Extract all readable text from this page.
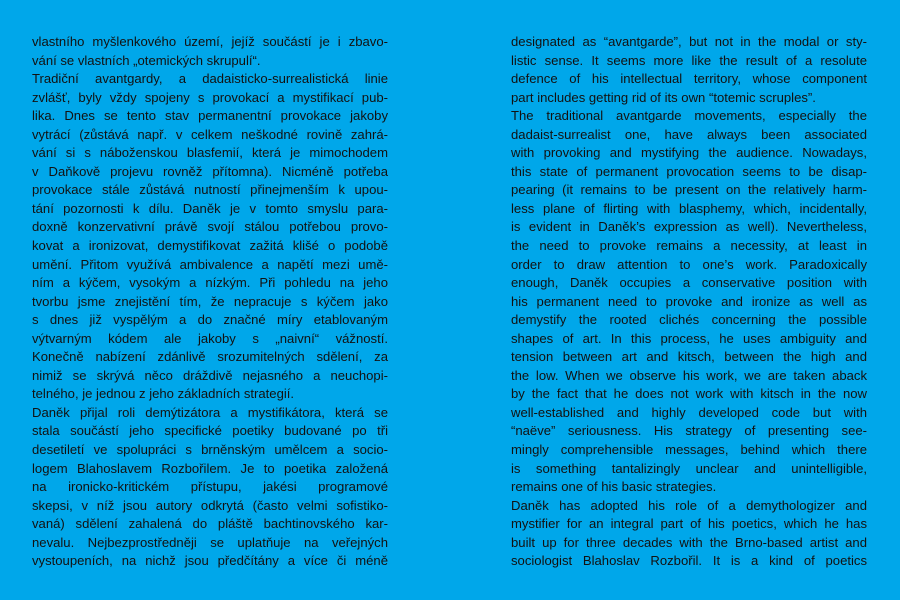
vlastního myšlenkového území, jejíž součástí je i zbavo-
vání se vlastních „otemických skrupulí“.
Tradiční avantgardy, a dadaisticko-surrealistická linie
zvlášť, byly vždy spojeny s provokací a mystifikací pub-
lika. Dnes se tento stav permanentní provokace jakoby
vytrácí (zůstává např. v celkem neškodné rovině zahrá-
vání si s náboženskou blasfemií, která je mimochodem
v Daňkově projevu rovněž přítomna). Nicméně potřeba
provokace stále zůstává nutností přinejmenším k upou-
tání pozornosti k dílu. Daněk je v tomto smyslu para-
doxně konzervativní právě svojí stálou potřebou provo-
kovat a ironizovat, demystifikovat zažitá klišé o podobě
umění. Přitom využívá ambivalence a napětí mezi umě-
ním a kýčem, vysokým a nízkým. Při pohledu na jeho
tvorbu jsme znejistění tím, že nepracuje s kýčem jako
s dnes již vyspělým a do značné míry etablovaným
výtvarným kódem ale jakoby s „naivní“ vážností.
Konečně nabízení zdánlivě srozumitelných sdělení, za
nimiž se skrývá něco dráždivě nejasného a neuchopi-
telného, je jednou z jeho základních strategií.
Daněk přijal roli demýtizátora a mystifikátora, která se
stala součástí jeho specifické poetiky budované po tři
desetiletí ve spolupráci s brněnským umělcem a socio-
logem Blahoslavem Rozbořilem. Je to poetika založená
na ironicko-kritickém přístupu, jakési programové
skepsi, v níž jsou autory odkrytá (často velmi sofistiko-
vaná) sdělení zahalená do pláště bachtinovského kar-
nevalu. Nejbezprostředněji se uplatňuje na veřejných
vystoupeních, na nichž jsou předčítány a více či méně
designated as “avantgarde”, but not in the modal or sty-
listic sense. It seems more like the result of a resolute
defence of his intellectual territory, whose component
part includes getting rid of its own “totemic scruples”.
The traditional avantgarde movements, especially the
dadaist-surrealist one, have always been associated
with provoking and mystifying the audience. Nowadays,
this state of permanent provocation seems to be disap-
pearing (it remains to be present on the relatively harm-
less plane of flirting with blasphemy, which, incidentally,
is evident in Daněk’s expression as well). Nevertheless,
the need to provoke remains a necessity, at least in
order to draw attention to one’s work. Paradoxically
enough, Daněk occupies a conservative position with
his permanent need to provoke and ironize as well as
demystify the rooted clichés concerning the possible
shapes of art. In this process, he uses ambiguity and
tension between art and kitsch, between the high and
the low. When we observe his work, we are taken aback
by the fact that he does not work with kitsch in the now
well-established and highly developed code but with
“naëve” seriousness. His strategy of presenting see-
mingly comprehensible messages, behind which there
is something tantalizingly unclear and unintelligible,
remains one of his basic strategies.
Daněk has adopted his role of a demythologizer and
mystifier for an integral part of his poetics, which he has
built up for three decades with the Brno-based artist and
sociologist Blahoslav Rozbořil. It is a kind of poetics
